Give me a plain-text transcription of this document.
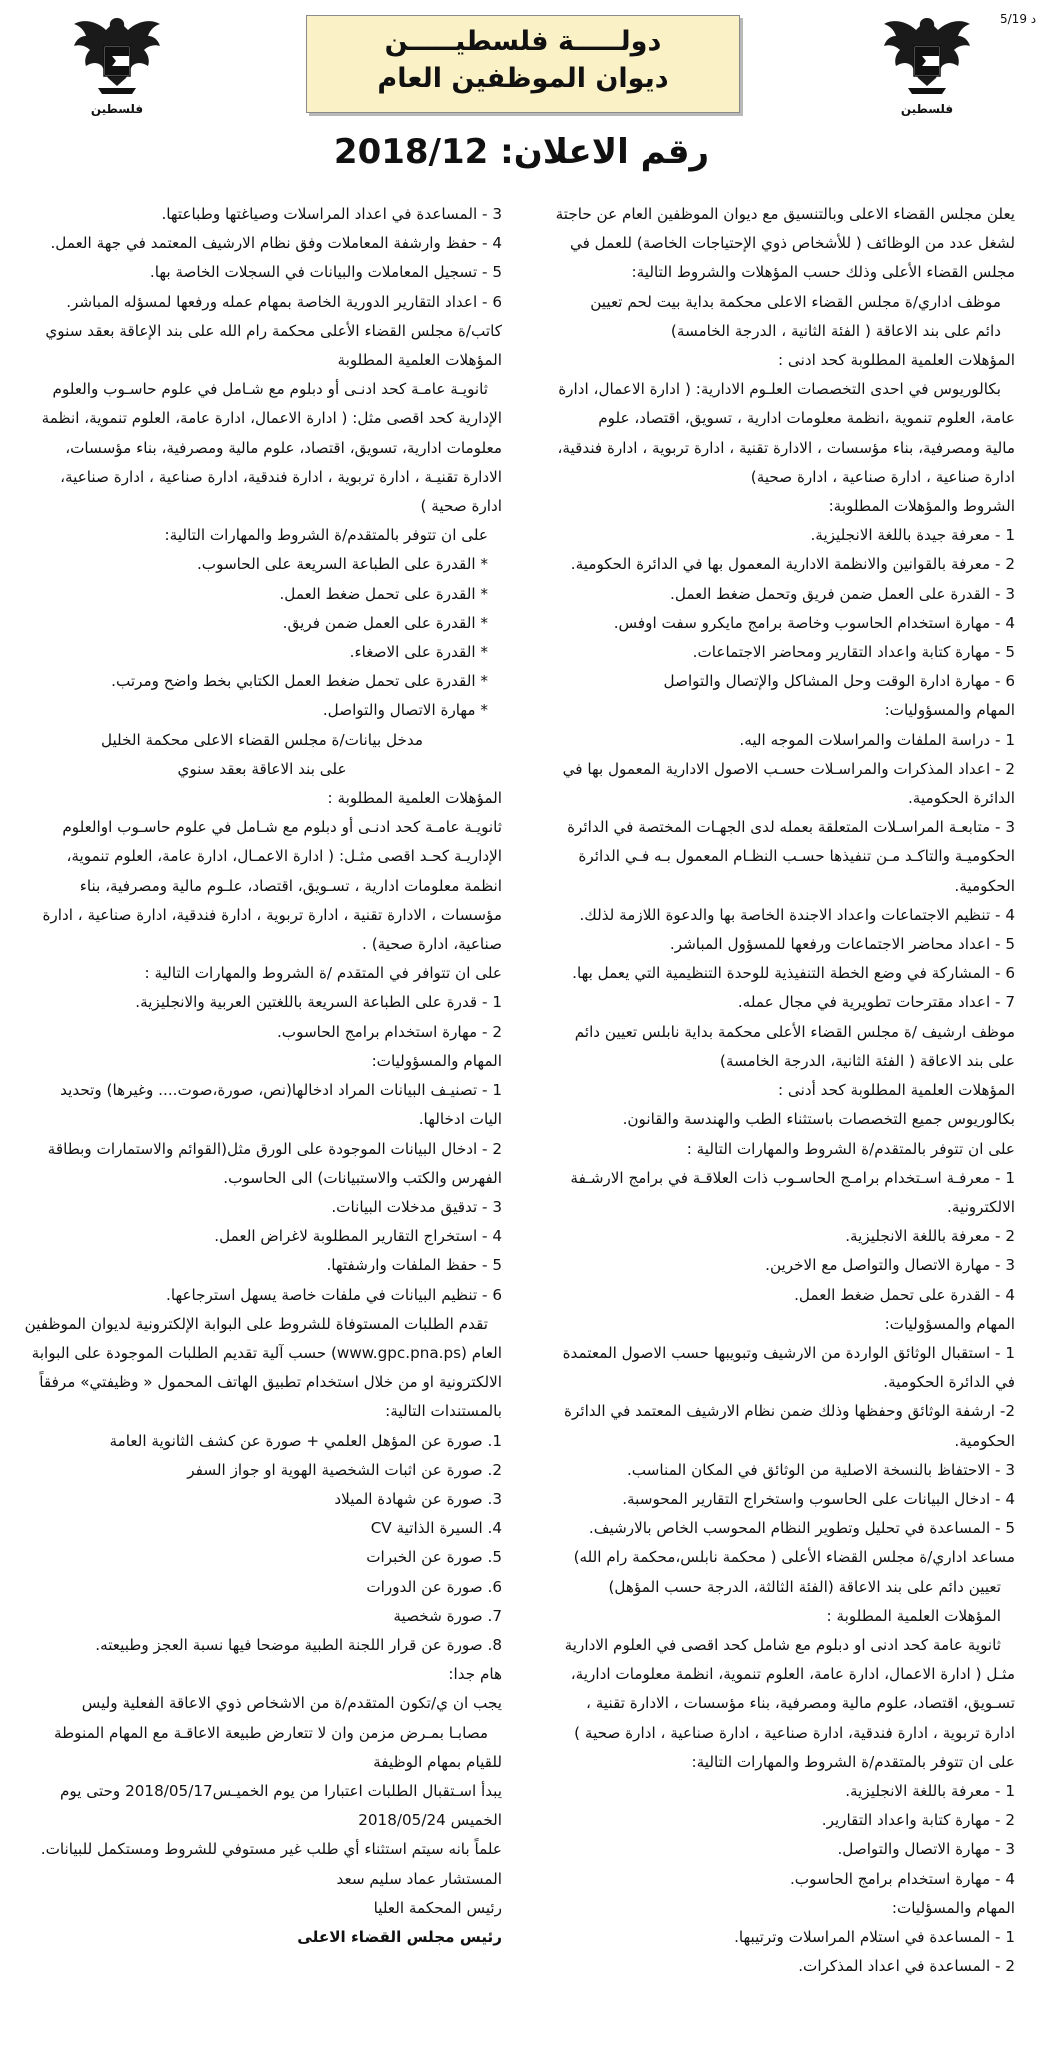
5/19 د
فلسطين	فلسطين
دولـــــة فلسطيـــــن
ديوان الموظفين العام
رقم الاعلان: 2018/12

يعلن مجلس القضاء الاعلى وبالتنسيق مع ديوان الموظفين العام عن حاجتة

لشغل عدد من الوظائف ( للأشخاص ذوي الإحتياجات الخاصة) للعمل في

مجلس القضاء الأعلى وذلك حسب المؤهلات والشروط التالية:

موظف اداري/ة مجلس القضاء الاعلى محكمة بداية بيت لحم تعيين

دائم على بند الاعاقة ( الفئة الثانية ، الدرجة الخامسة)

المؤهلات العلمية المطلوبة كحد ادنى :

بكالوريوس في احدى التخصصات العلـوم الادارية: ( ادارة الاعمال، ادارة

عامة، العلوم تنموية ،انظمة معلومات ادارية ، تسويق، اقتصاد، علوم

مالية ومصرفية، بناء مؤسسات ، الادارة تقنية ، ادارة تربوية ، ادارة فندقية،

ادارة صناعية ، ادارة صناعية ، ادارة صحية)

الشروط والمؤهلات المطلوبة:

1 - معرفة جيدة باللغة الانجليزية.

2 - معرفة بالقوانين والانظمة الادارية المعمول بها في الدائرة الحكومية.

3 - القدرة على العمل ضمن فريق وتحمل ضغط العمل.

4 - مهارة استخدام الحاسوب وخاصة برامج مايكرو سفت اوفس.

5 - مهارة كتابة واعداد التقارير ومحاضر الاجتماعات.

6 - مهارة ادارة الوقت وحل المشاكل والإتصال والتواصل

المهام والمسؤوليات:

1 - دراسة الملفات والمراسلات الموجه اليه.

2 - اعداد المذكرات والمراسـلات حسـب الاصول الادارية المعمول بها في

الدائرة الحكومية.

3 - متابعـة المراسـلات المتعلقة بعمله لدى الجهـات المختصة في الدائرة

الحكوميـة والتاكـد مـن تنفيذها حسـب النظـام المعمول بـه فـي الدائرة

الحكومية.

4 - تنظيم الاجتماعات واعداد الاجندة الخاصة بها والدعوة اللازمة لذلك.

5 - اعداد محاضر الاجتماعات ورفعها للمسؤول المباشر.

6 - المشاركة في وضع الخطة التنفيذية للوحدة التنظيمية التي يعمل بها.

7 - اعداد مقترحات تطويرية في مجال عمله.

موظف ارشيف /ة مجلس القضاء الأعلى محكمة بداية نابلس تعيين دائم

على بند الاعاقة ( الفئة الثانية، الدرجة الخامسة)

المؤهلات العلمية المطلوبة كحد أدنى :

بكالوريوس جميع التخصصات باستثناء الطب والهندسة والقانون.

على ان تتوفر بالمتقدم/ة الشروط والمهارات التالية :

1 - معرفـة اسـتخدام برامـج الحاسـوب ذات العلاقـة في برامج الارشـفة

الالكترونية.

2 - معرفة باللغة الانجليزية.

3 - مهارة الاتصال والتواصل مع الاخرين.

4 - القدرة على تحمل ضغط العمل.

المهام والمسؤوليات:

1 - استقبال الوثائق الواردة من الارشيف وتبويبها حسب الاصول المعتمدة

في الدائرة الحكومية.

2- ارشفة الوثائق وحفظها وذلك ضمن نظام الارشيف المعتمد في الدائرة

الحكومية.

3 - الاحتفاظ بالنسخة الاصلية من الوثائق في المكان المناسب.

4 - ادخال البيانات على الحاسوب واستخراج التقارير المحوسبة.

5 - المساعدة في تحليل وتطوير النظام المحوسب الخاص بالارشيف.

مساعد اداري/ة مجلس القضاء الأعلى ( محكمة نابلس،محكمة رام الله)

تعيين دائم على بند الاعاقة (الفئة الثالثة، الدرجة حسب المؤهل)

المؤهلات العلمية المطلوبة :

ثانوية عامة كحد ادنى او دبلوم مع شامل كحد اقصى في العلوم الادارية

مثـل ( ادارة الاعمال، ادارة عامة، العلوم تنموية، انظمة معلومات ادارية،

تسـويق، اقتصاد، علوم مالية ومصرفية، بناء مؤسسات ، الادارة تقنية ،

ادارة تربوية ، ادارة فندقية، ادارة صناعية ، ادارة صناعية ، ادارة صحية )

على ان تتوفر بالمتقدم/ة الشروط والمهارات التالية:

1 - معرفة باللغة الانجليزية.

2 - مهارة كتابة واعداد التقارير.

3 - مهارة الاتصال والتواصل.

4 - مهارة استخدام برامج الحاسوب.

المهام والمسؤليات:

1 - المساعدة في استلام المراسلات وترتيبها.

2 - المساعدة في اعداد المذكرات.

3 - المساعدة في اعداد المراسلات وصياغتها وطباعتها.

4 - حفظ وارشفة المعاملات وفق نظام الارشيف المعتمد في جهة العمل.

5 - تسجيل المعاملات والبيانات في السجلات الخاصة بها.

6 - اعداد التقارير الدورية الخاصة بمهام عمله ورفعها لمسؤله المباشر.

كاتب/ة مجلس القضاء الأعلى محكمة رام الله على بند الإعاقة بعقد سنوي

المؤهلات العلمية المطلوبة

ثانويـة عامـة كحد ادنـى أو دبلوم مع شـامل في علوم حاسـوب والعلوم

الإدارية كحد اقصى مثل: ( ادارة الاعمال، ادارة عامة، العلوم تنموية، انظمة

معلومات ادارية، تسويق، اقتصاد، علوم مالية ومصرفية، بناء مؤسسات،

الادارة تقنيـة ، ادارة تربوية ، ادارة فندقية، ادارة صناعية ، ادارة صناعية،

ادارة صحية )

على ان تتوفر بالمتقدم/ة الشروط والمهارات التالية:

* القدرة على الطباعة السريعة على الحاسوب.

* القدرة على تحمل ضغط العمل.

* القدرة على العمل ضمن فريق.

* القدرة على الاصغاء.

* القدرة على تحمل ضغط العمل الكتابي بخط واضح ومرتب.

* مهارة الاتصال والتواصل.

مدخل بيانات/ة مجلس القضاء الاعلى محكمة الخليل

على بند الاعاقة بعقد سنوي

المؤهلات العلمية المطلوبة :

ثانويـة عامـة كحد ادنـى أو دبلوم مع شـامل في علوم حاسـوب اوالعلوم

الإداريـة كحـد اقصى مثـل: ( ادارة الاعمـال، ادارة عامة، العلوم تنموية،

انظمة معلومات ادارية ، تسـويق، اقتصاد، علـوم مالية ومصرفية، بناء

مؤسسات ، الادارة تقنية ، ادارة تربوية ، ادارة فندقية، ادارة صناعية ، ادارة

صناعية، ادارة صحية) .

على ان تتوافر في المتقدم /ة الشروط والمهارات التالية :

1 - قدرة على الطباعة السريعة باللغتين العربية والانجليزية.

2 - مهارة استخدام برامج الحاسوب.

المهام والمسؤوليات:

1 - تصنيـف البيانات المراد ادخالها(نص، صورة،صوت.... وغيرها) وتحديد

اليات ادخالها.

2 - ادخال البيانات الموجودة على الورق مثل(القوائم والاستمارات وبطاقة

الفهرس والكتب والاستبيانات) الى الحاسوب.

3 - تدقيق مدخلات البيانات.

4 - استخراج التقارير المطلوبة لاغراض العمل.

5 - حفظ الملفات وارشفتها.

6 - تنظيم البيانات في ملفات خاصة يسهل استرجاعها.

تقدم الطلبات المستوفاة للشروط على البوابة الإلكترونية لديوان الموظفين

العام (www.gpc.pna.ps) حسب آلية تقديم الطلبات الموجودة على البوابة

الالكترونية او من خلال استخدام تطبيق الهاتف المحمول « وظيفتي» مرفقاً

بالمستندات التالية:

1. صورة عن المؤهل العلمي + صورة عن كشف الثانوية العامة

2. صورة عن اثبات الشخصية الهوية او جواز السفر

3. صورة عن شهادة الميلاد

4. السيرة الذاتية CV

5. صورة عن الخبرات

6. صورة عن الدورات

7. صورة شخصية

8. صورة عن قرار اللجنة الطبية موضحا فيها نسبة العجز وطبيعته.

هام جدا:

يجب ان ي/تكون المتقدم/ة من الاشخاص ذوي الاعاقة الفعلية وليس

مصابـا بمـرض مزمن وان لا تتعارض طبيعة الاعاقـة مع المهام المنوطة

للقيام بمهام الوظيفة

يبدأ اسـتقبال الطلبات اعتبارا من يوم الخميـس2018/05/17 وحتى يوم

الخميس 2018/05/24

علماً بانه سيتم استثناء أي طلب غير مستوفي للشروط ومستكمل للبيانات.

المستشار عماد سليم سعد

رئيس المحكمة العليا

رئيس مجلس القضاء الاعلى
